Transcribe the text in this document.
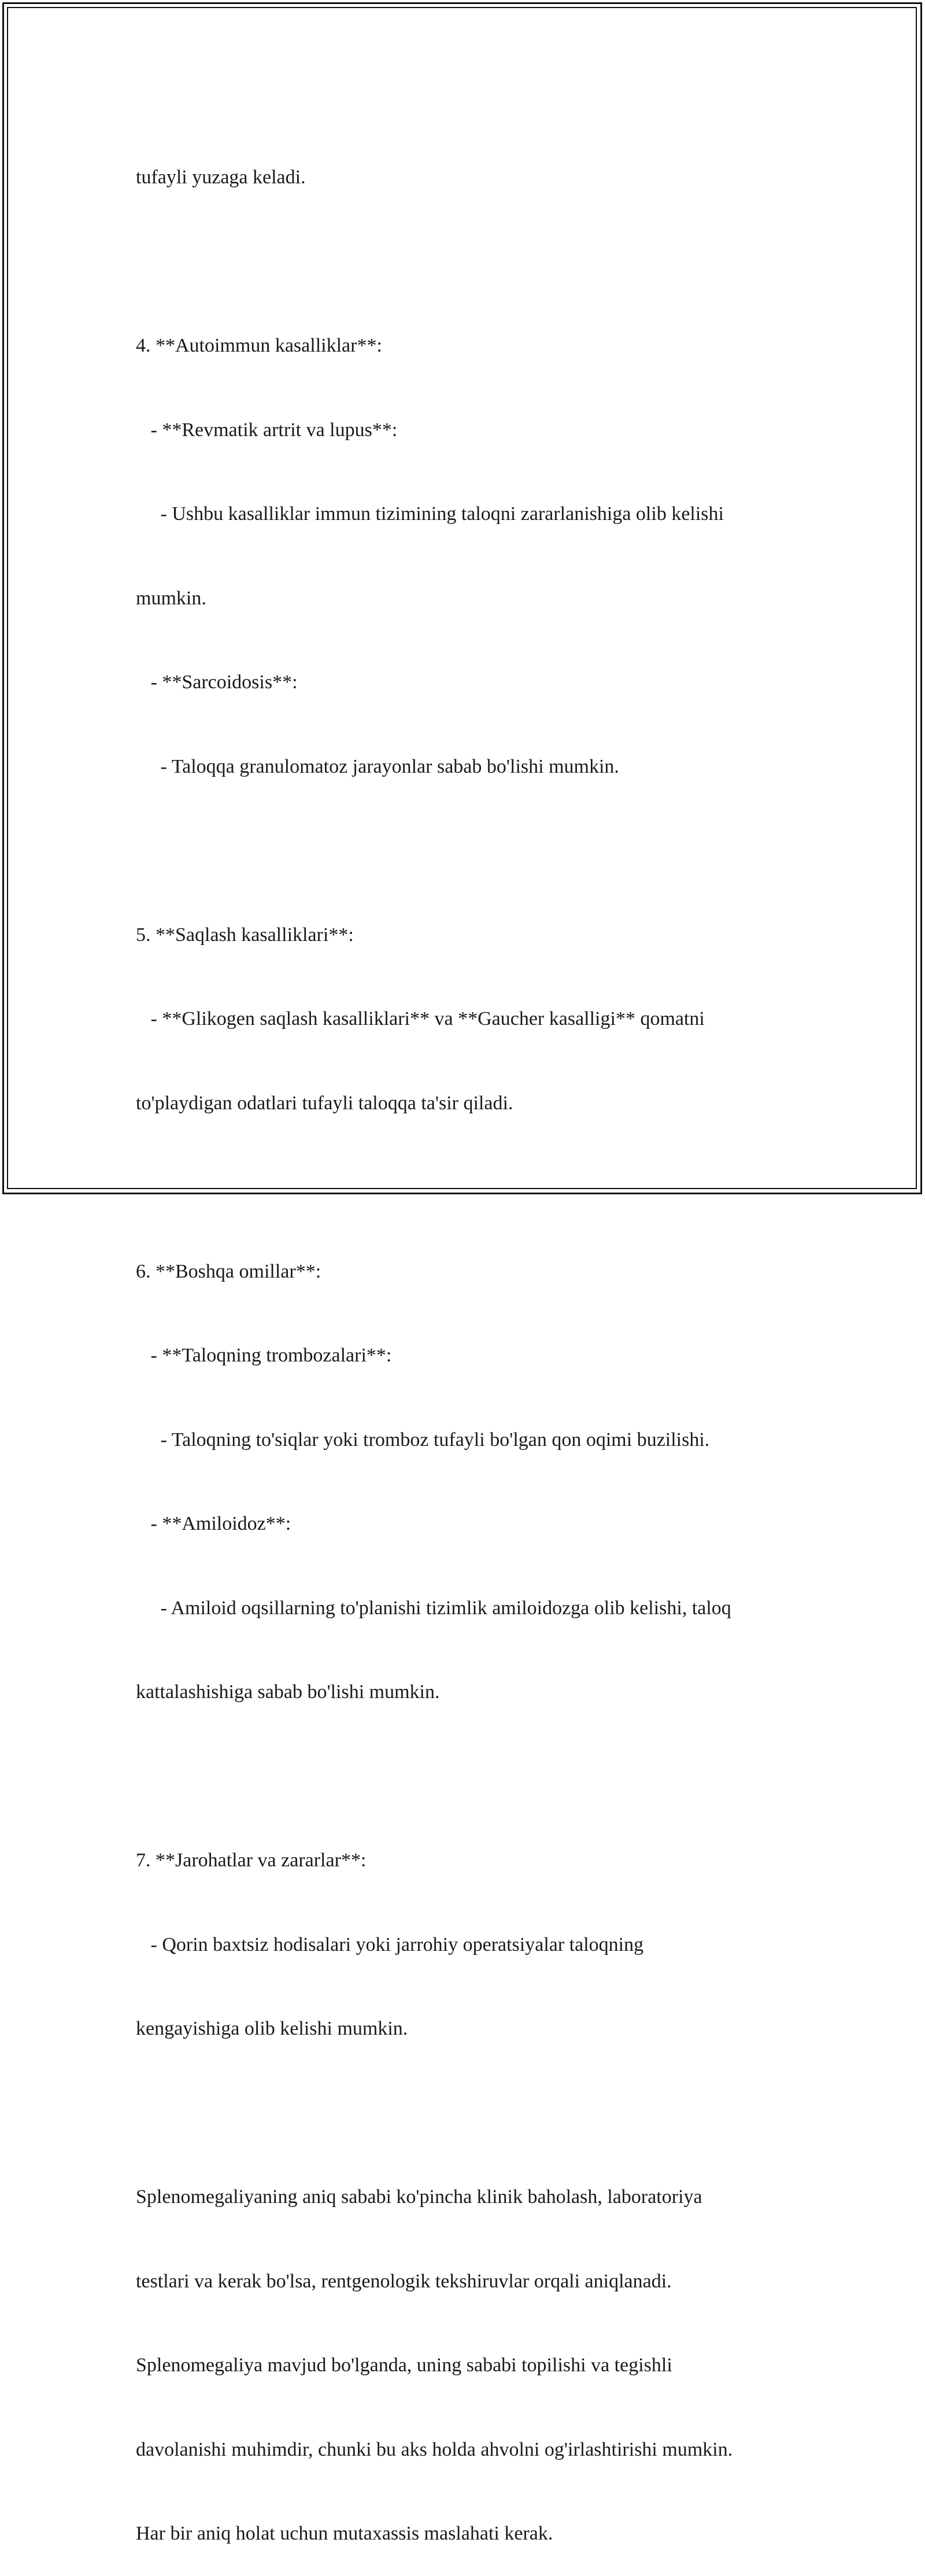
tufayli yuzaga keladi.

4. **Autoimmun kasalliklar**:

- **Revmatik artrit va lupus**:

- Ushbu kasalliklar immun tizimining taloqni zararlanishiga olib kelishi

mumkin.

- **Sarcoidosis**:

- Taloqqa granulomatoz jarayonlar sabab bo'lishi mumkin.

5. **Saqlash kasalliklari**:

- **Glikogen saqlash kasalliklari** va **Gaucher kasalligi** qomatni

to'playdigan odatlari tufayli taloqqa ta'sir qiladi.

6. **Boshqa omillar**:

- **Taloqning trombozalari**:

- Taloqning to'siqlar yoki tromboz tufayli bo'lgan qon oqimi buzilishi.

- **Amiloidoz**:

- Amiloid oqsillarning to'planishi tizimlik amiloidozga olib kelishi, taloq

kattalashishiga sabab bo'lishi mumkin.

7. **Jarohatlar va zararlar**:

- Qorin baxtsiz hodisalari yoki jarrohiy operatsiyalar taloqning

kengayishiga olib kelishi mumkin.

Splenomegaliyaning aniq sababi ko'pincha klinik baholash, laboratoriya

testlari va kerak bo'lsa, rentgenologik tekshiruvlar orqali aniqlanadi.

Splenomegaliya mavjud bo'lganda, uning sababi topilishi va tegishli

davolanishi muhimdir, chunki bu aks holda ahvolni og'irlashtirishi mumkin.

Har bir aniq holat uchun mutaxassis maslahati kerak.
